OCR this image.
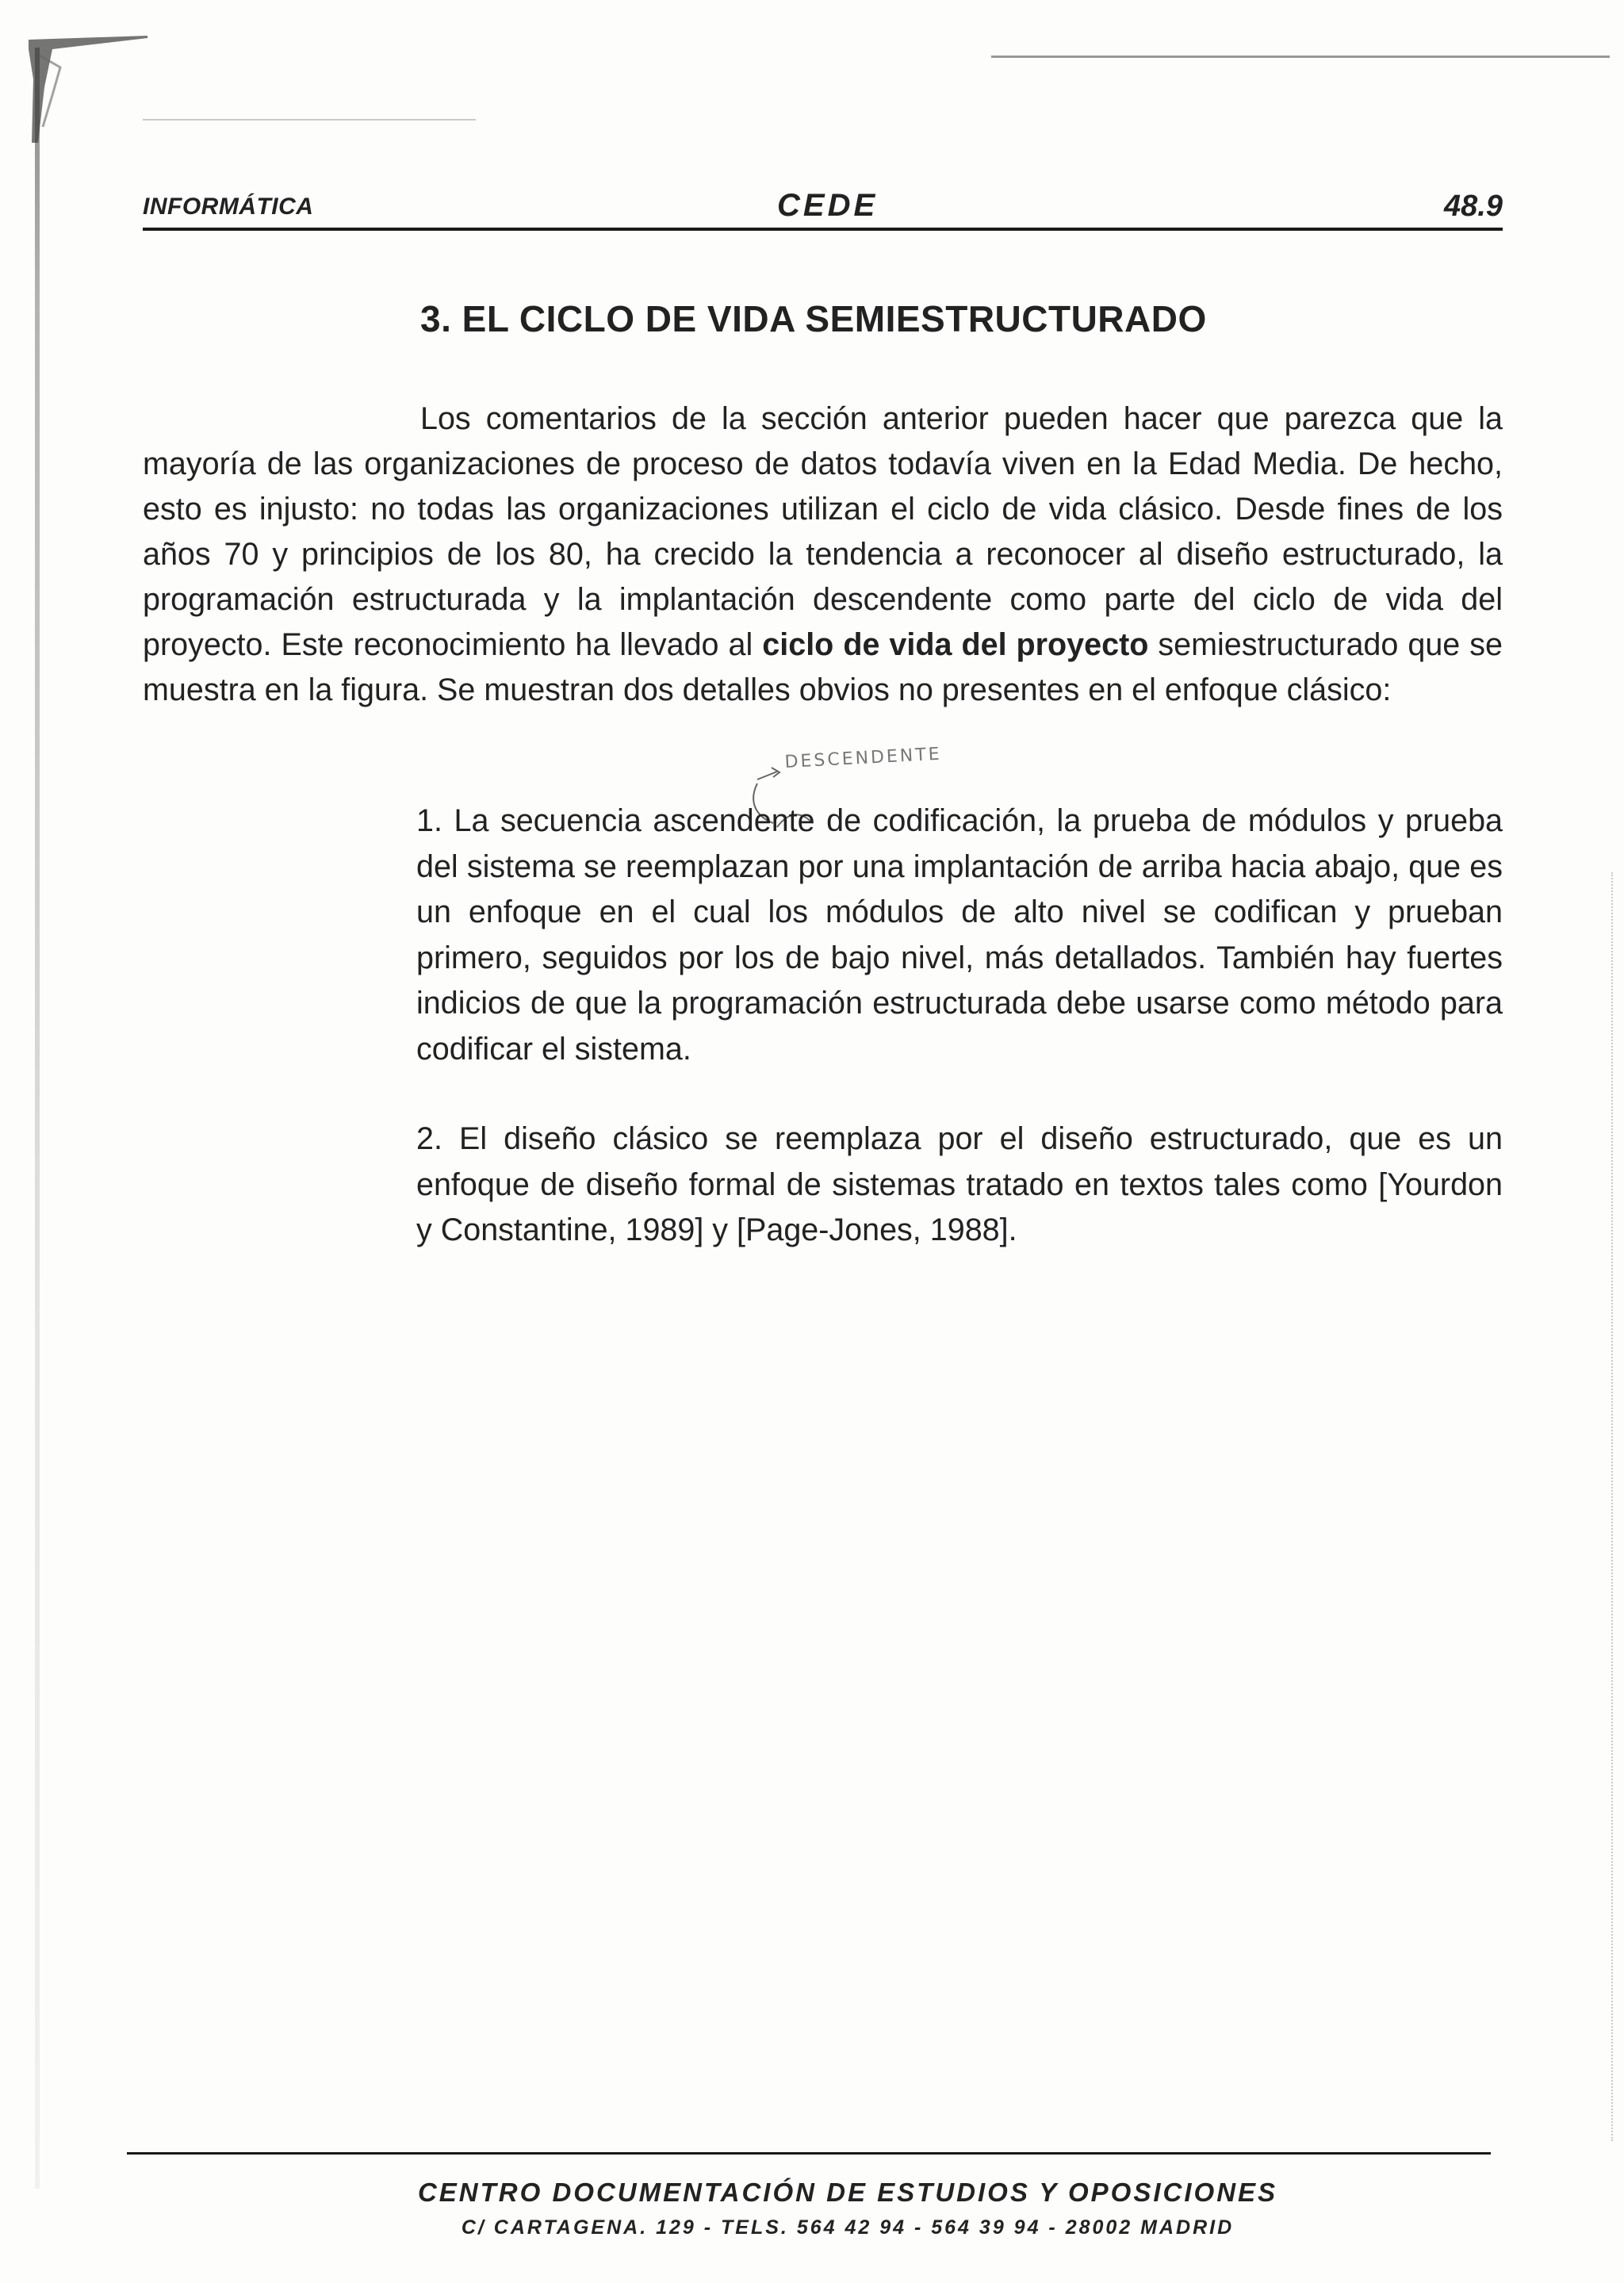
INFORMÁTICA	CEDE	48.9
3. EL CICLO DE VIDA SEMIESTRUCTURADO
Los comentarios de la sección anterior pueden hacer que parezca que la mayoría de las organizaciones de proceso de datos todavía viven en la Edad Media. De hecho, esto es injusto: no todas las organizaciones utilizan el ciclo de vida clásico. Desde fines de los años 70 y principios de los 80, ha crecido la tendencia a reconocer al diseño estructurado, la programación estructurada y la implantación descendente como parte del ciclo de vida del proyecto. Este reconocimiento ha llevado al ciclo de vida del proyecto semiestructurado que se muestra en la figura. Se muestran dos detalles obvios no presentes en el enfoque clásico:
DESCENDENTE
1. La secuencia ascendente de codificación, la prueba de módulos y prueba del sistema se reemplazan por una implantación de arriba hacia abajo, que es un enfoque en el cual los módulos de alto nivel se codifican y prueban primero, seguidos por los de bajo nivel, más detallados. También hay fuertes indicios de que la programación estructurada debe usarse como método para codificar el sistema.
2. El diseño clásico se reemplaza por el diseño estructurado, que es un enfoque de diseño formal de sistemas tratado en textos tales como [Yourdon y Constantine, 1989] y [Page-Jones, 1988].
CENTRO DOCUMENTACIÓN DE ESTUDIOS Y OPOSICIONES
C/ CARTAGENA. 129 - TELS. 564 42 94 - 564 39 94 - 28002 MADRID
